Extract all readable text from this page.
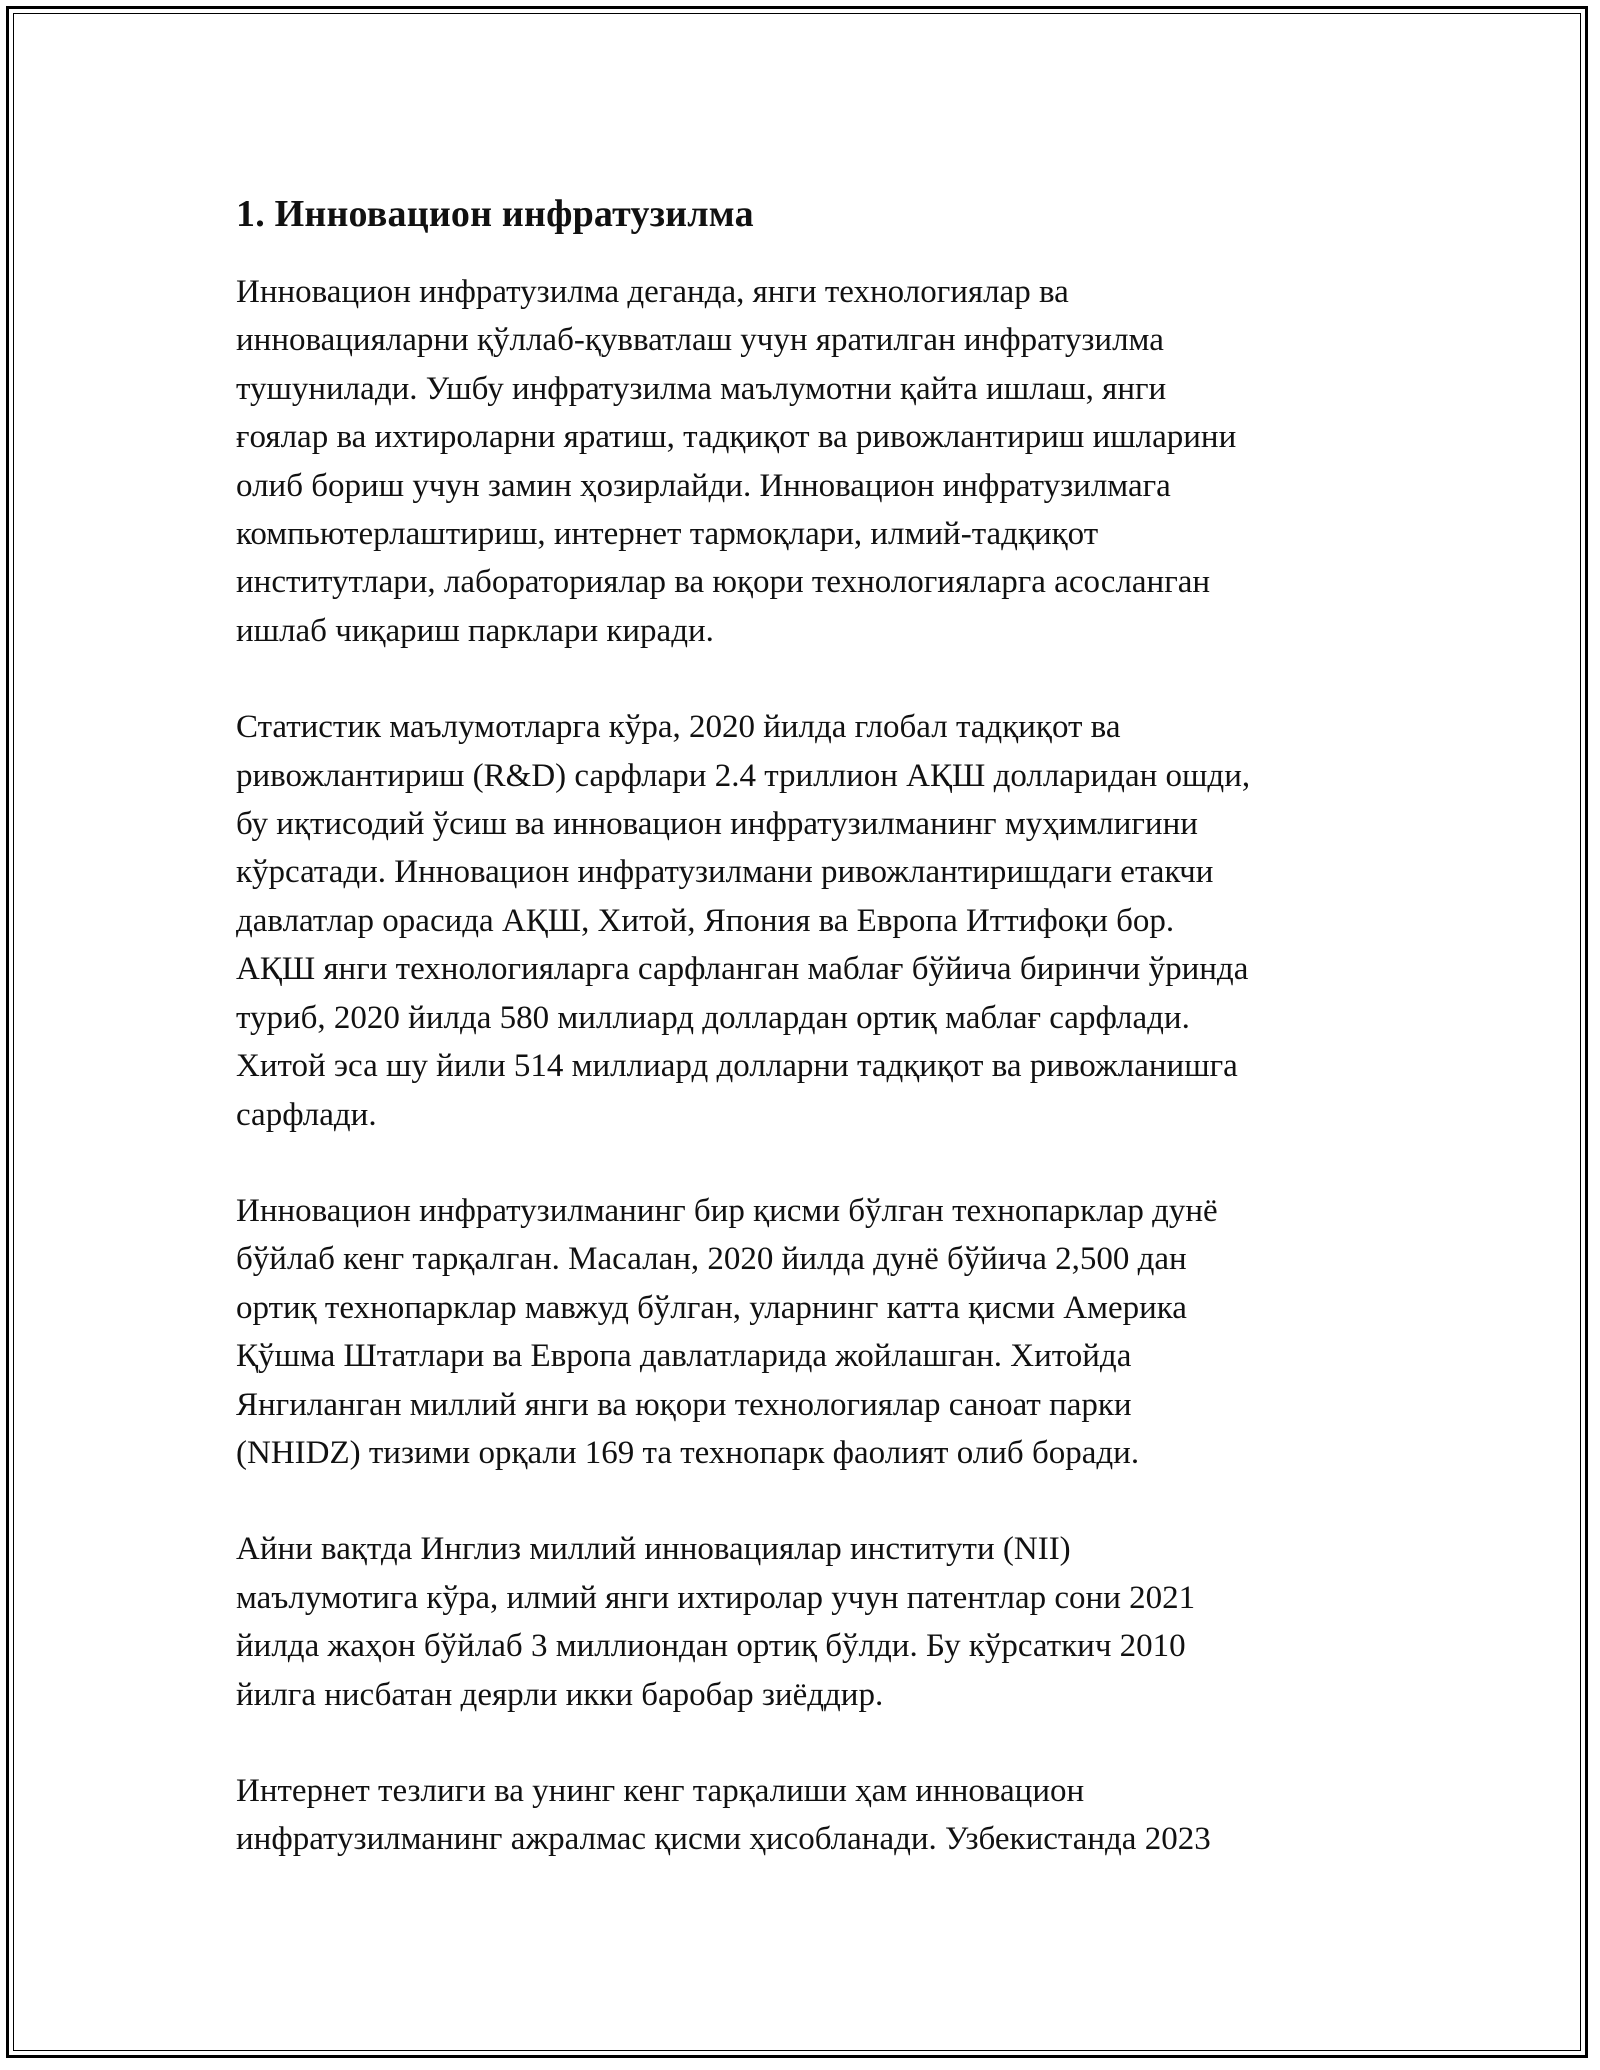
1. Инновацион инфратузилма

Инновацион инфратузилма деганда, янги технологиялар ва
инновацияларни қўллаб-қувватлаш учун яратилган инфратузилма
тушунилади. Ушбу инфратузилма маълумотни қайта ишлаш, янги
ғоялар ва ихтироларни яратиш, тадқиқот ва ривожлантириш ишларини
олиб бориш учун замин ҳозирлайди. Инновацион инфратузилмага
компьютерлаштириш, интернет тармоқлари, илмий-тадқиқот
институтлари, лабораториялар ва юқори технологияларга асосланган
ишлаб чиқариш парклари киради.

Статистик маълумотларга кўра, 2020 йилда глобал тадқиқот ва
ривожлантириш (R&D) сарфлари 2.4 триллион АҚШ долларидан ошди,
бу иқтисодий ўсиш ва инновацион инфратузилманинг муҳимлигини
кўрсатади. Инновацион инфратузилмани ривожлантиришдаги етакчи
давлатлар орасида АҚШ, Хитой, Япония ва Европа Иттифоқи бор.
АҚШ янги технологияларга сарфланган маблағ бўйича биринчи ўринда
туриб, 2020 йилда 580 миллиард доллардан ортиқ маблағ сарфлади.
Хитой эса шу йили 514 миллиард долларни тадқиқот ва ривожланишга
сарфлади.

Инновацион инфратузилманинг бир қисми бўлган технопарклар дунё
бўйлаб кенг тарқалган. Масалан, 2020 йилда дунё бўйича 2,500 дан
ортиқ технопарклар мавжуд бўлган, уларнинг катта қисми Америка
Қўшма Штатлари ва Европа давлатларида жойлашган. Хитойда
Янгиланган миллий янги ва юқори технологиялар саноат парки
(NHIDZ) тизими орқали 169 та технопарк фаолият олиб боради.

Айни вақтда Инглиз миллий инновациялар институти (NII)
маълумотига кўра, илмий янги ихтиролар учун патентлар сони 2021
йилда жаҳон бўйлаб 3 миллиондан ортиқ бўлди. Бу кўрсаткич 2010
йилга нисбатан деярли икки баробар зиёддир.

Интернет тезлиги ва унинг кенг тарқалиши ҳам инновацион
инфратузилманинг ажралмас қисми ҳисобланади. Узбекистанда 2023
